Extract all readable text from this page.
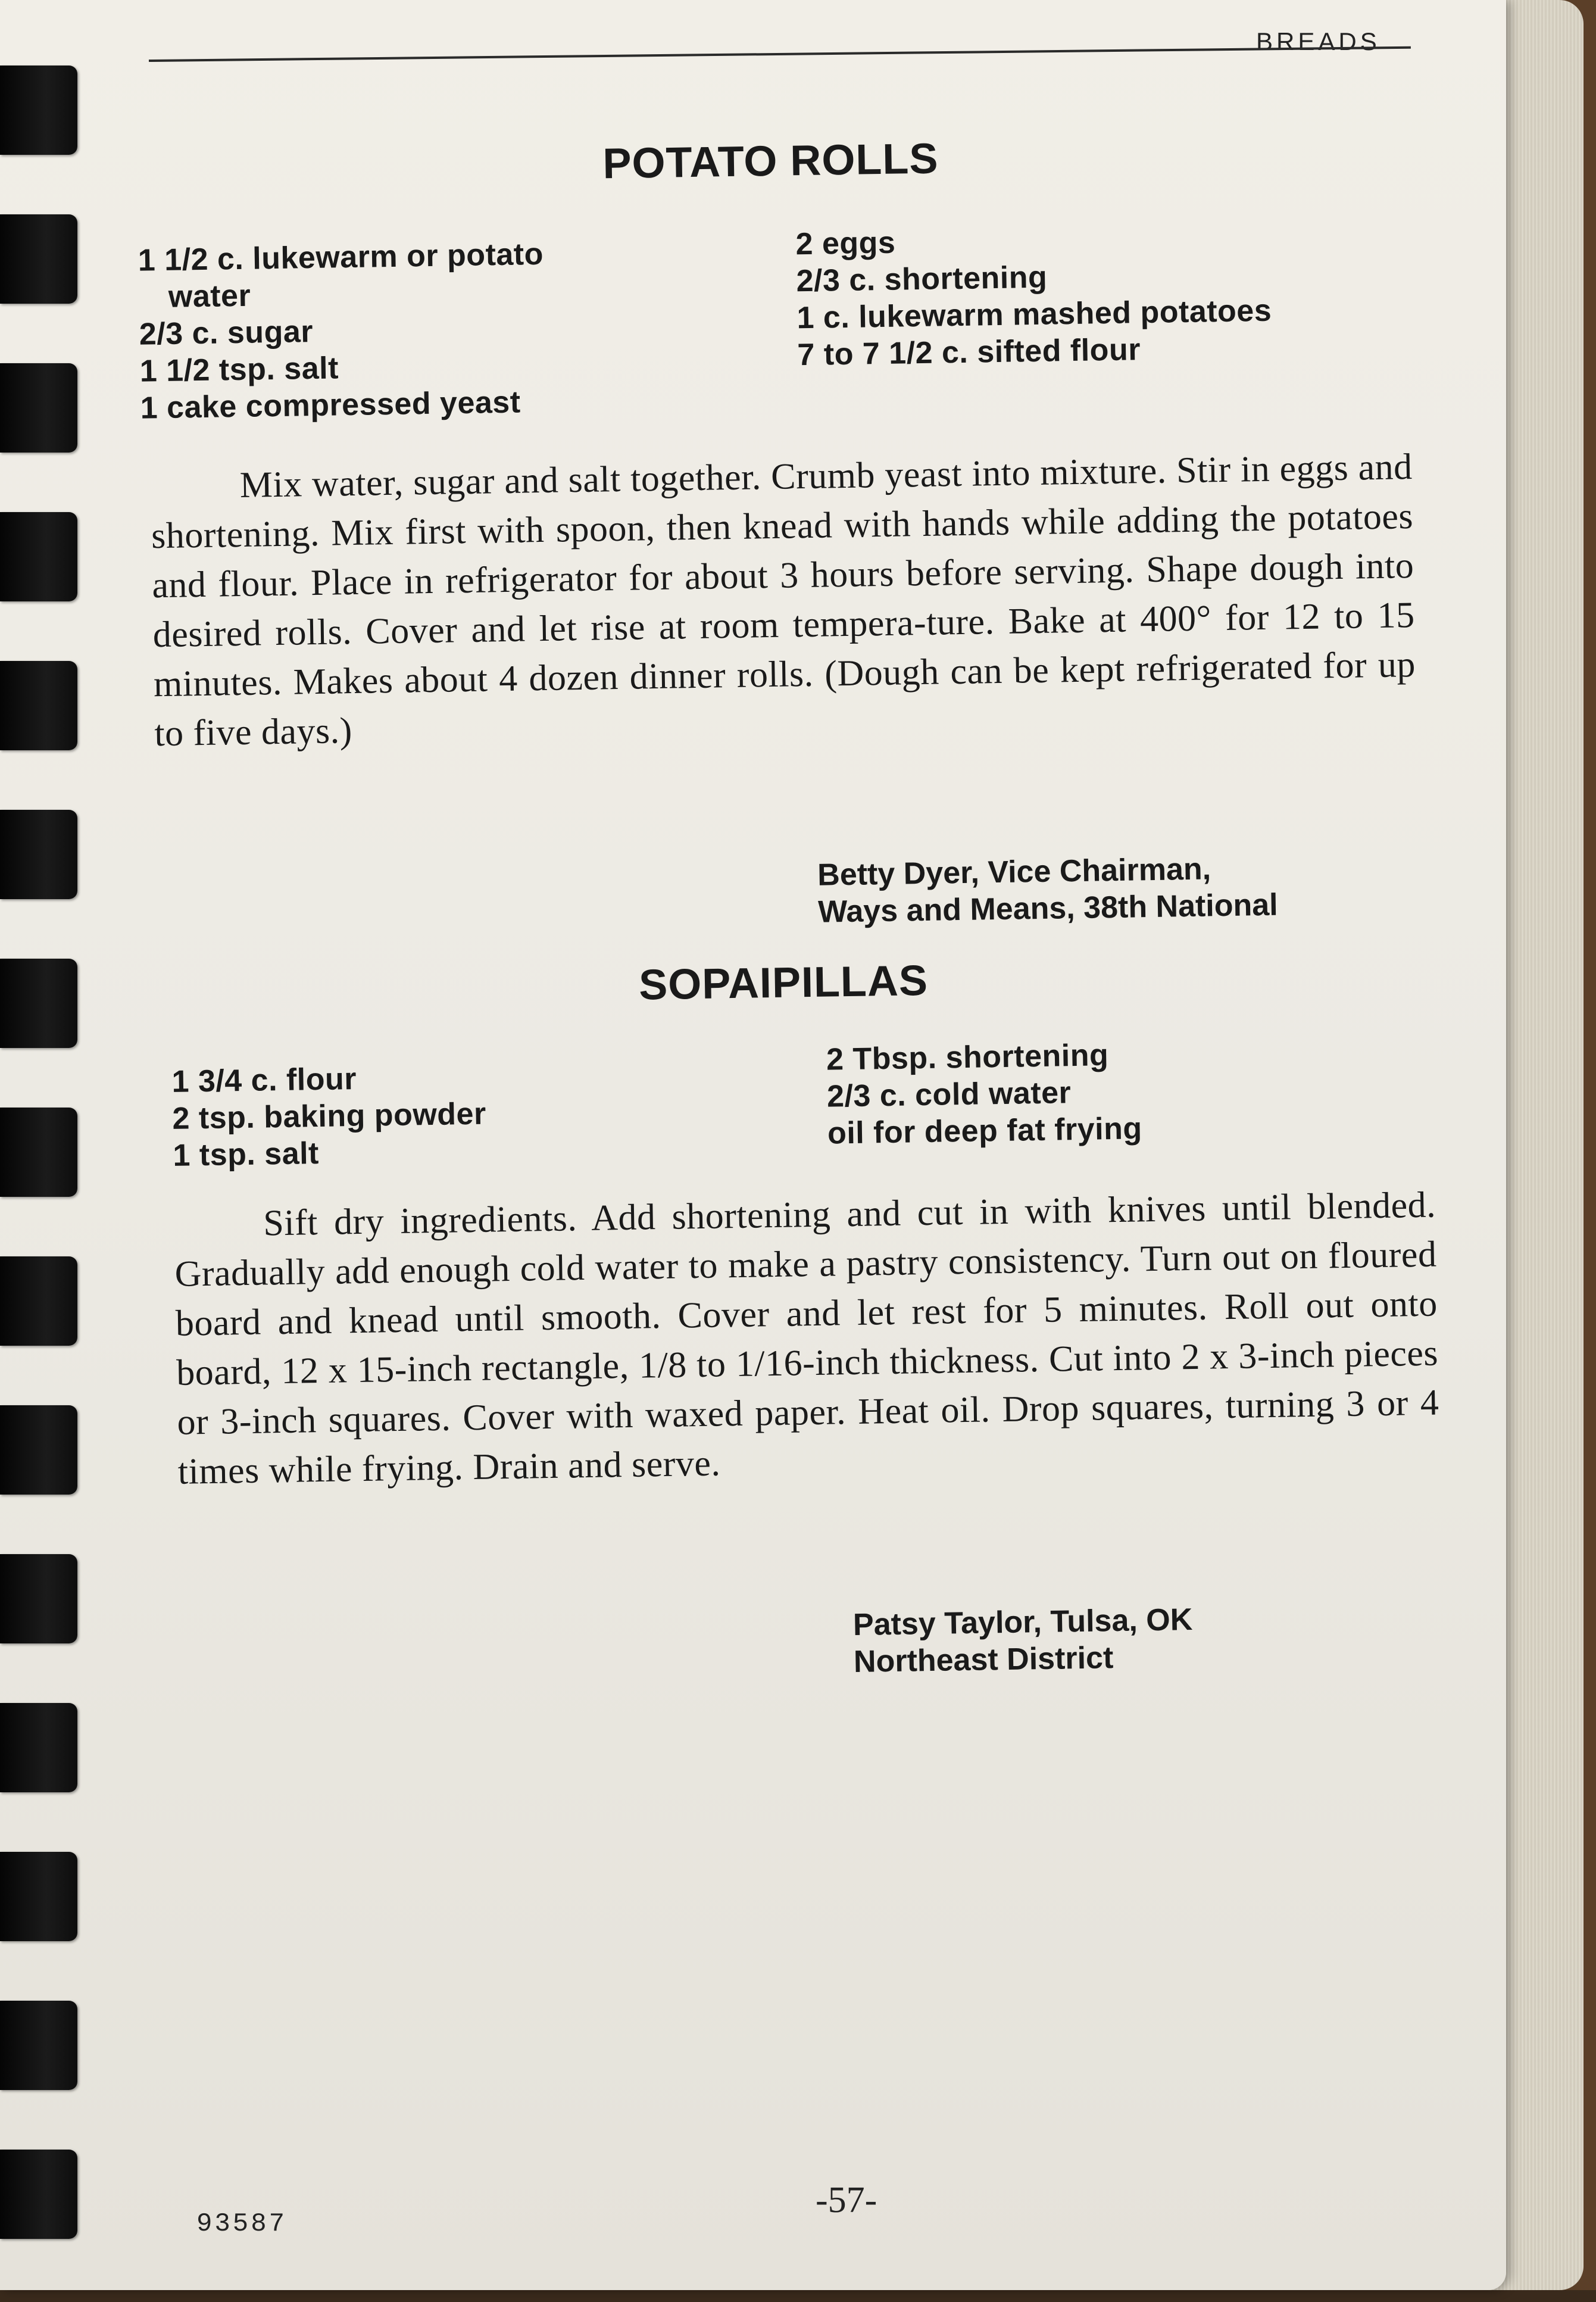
BREADS
POTATO ROLLS
1 1/2 c. lukewarm or potato
water
2/3 c. sugar
1 1/2 tsp. salt
1 cake compressed yeast
2 eggs
2/3 c. shortening
1 c. lukewarm mashed potatoes
7 to 7 1/2 c. sifted flour

Mix water, sugar and salt together. Crumb yeast into mixture. Stir in eggs and shortening. Mix first with spoon, then knead with hands while adding the potatoes and flour. Place in refrigerator for about 3 hours before serving. Shape dough into desired rolls. Cover and let rise at room tempera-ture. Bake at 400° for 12 to 15 minutes. Makes about 4 dozen dinner rolls. (Dough can be kept refrigerated for up to five days.)

Betty Dyer, Vice Chairman,
Ways and Means, 38th National
SOPAIPILLAS
1 3/4 c. flour
2 tsp. baking powder
1 tsp. salt
2 Tbsp. shortening
2/3 c. cold water
oil for deep fat frying

Sift dry ingredients. Add shortening and cut in with knives until blended. Gradually add enough cold water to make a pastry consistency. Turn out on floured board and knead until smooth. Cover and let rest for 5 minutes. Roll out onto board, 12 x 15-inch rectangle, 1/8 to 1/16-inch thickness. Cut into 2 x 3-inch pieces or 3-inch squares. Cover with waxed paper. Heat oil. Drop squares, turning 3 or 4 times while frying. Drain and serve.

Patsy Taylor, Tulsa, OK
Northeast District
93587
-57-
